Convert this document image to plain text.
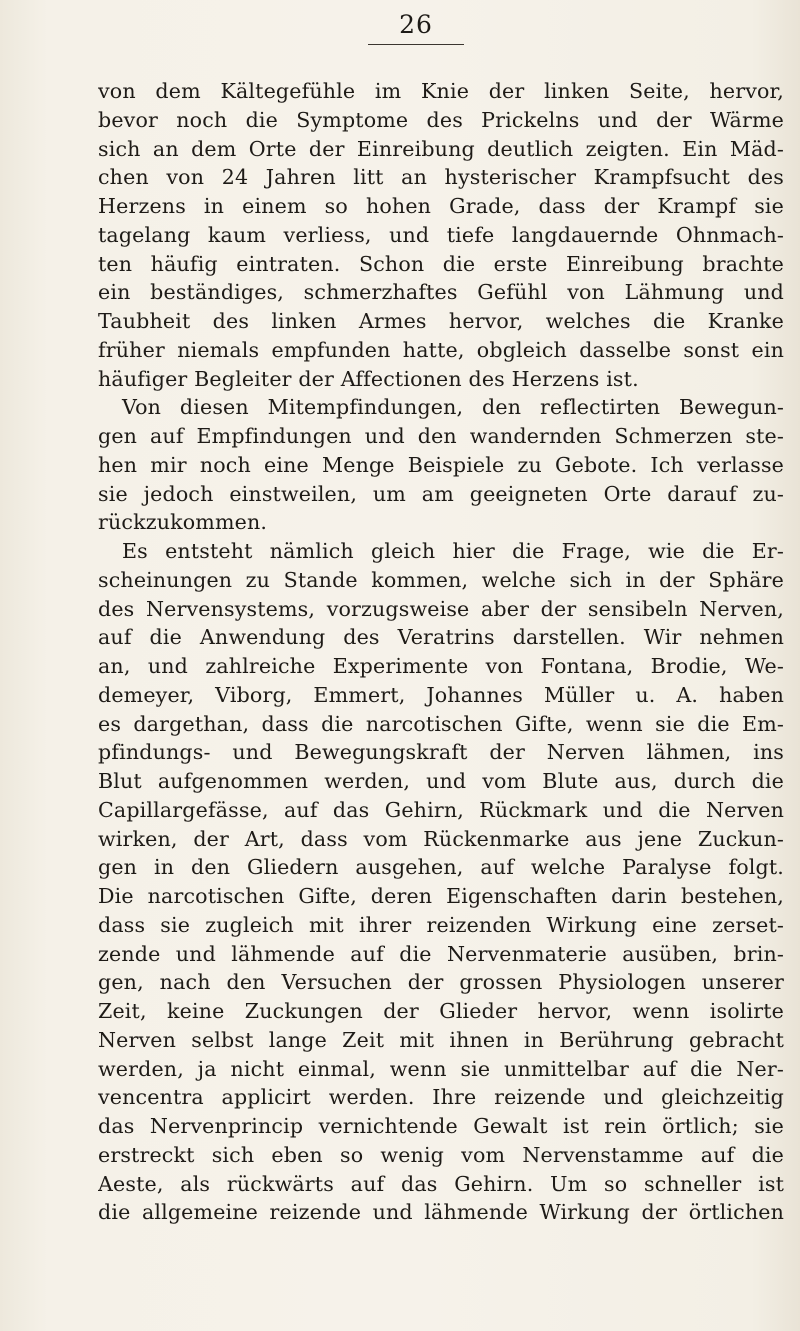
26
von dem Kältegefühle im Knie der linken Seite, hervor,
bevor noch die Symptome des Prickelns und der Wärme
sich an dem Orte der Einreibung deutlich zeigten. Ein Mäd-
chen von 24 Jahren litt an hysterischer Krampfsucht des
Herzens in einem so hohen Grade, dass der Krampf sie
tagelang kaum verliess, und tiefe langdauernde Ohnmach-
ten häufig eintraten. Schon die erste Einreibung brachte
ein beständiges, schmerzhaftes Gefühl von Lähmung und
Taubheit des linken Armes hervor, welches die Kranke
früher niemals empfunden hatte, obgleich dasselbe sonst ein
häufiger Begleiter der Affectionen des Herzens ist.
Von diesen Mitempfindungen, den reflectirten Bewegun-
gen auf Empfindungen und den wandernden Schmerzen ste-
hen mir noch eine Menge Beispiele zu Gebote. Ich verlasse
sie jedoch einstweilen, um am geeigneten Orte darauf zu-
rückzukommen.
Es entsteht nämlich gleich hier die Frage, wie die Er-
scheinungen zu Stande kommen, welche sich in der Sphäre
des Nervensystems, vorzugsweise aber der sensibeln Nerven,
auf die Anwendung des Veratrins darstellen. Wir nehmen
an, und zahlreiche Experimente von Fontana, Brodie, We-
demeyer, Viborg, Emmert, Johannes Müller u. A. haben
es dargethan, dass die narcotischen Gifte, wenn sie die Em-
pfindungs- und Bewegungskraft der Nerven lähmen, ins
Blut aufgenommen werden, und vom Blute aus, durch die
Capillargefässe, auf das Gehirn, Rückmark und die Nerven
wirken, der Art, dass vom Rückenmarke aus jene Zuckun-
gen in den Gliedern ausgehen, auf welche Paralyse folgt.
Die narcotischen Gifte, deren Eigenschaften darin bestehen,
dass sie zugleich mit ihrer reizenden Wirkung eine zerset-
zende und lähmende auf die Nervenmaterie ausüben, brin-
gen, nach den Versuchen der grossen Physiologen unserer
Zeit, keine Zuckungen der Glieder hervor, wenn isolirte
Nerven selbst lange Zeit mit ihnen in Berührung gebracht
werden, ja nicht einmal, wenn sie unmittelbar auf die Ner-
vencentra applicirt werden. Ihre reizende und gleichzeitig
das Nervenprincip vernichtende Gewalt ist rein örtlich; sie
erstreckt sich eben so wenig vom Nervenstamme auf die
Aeste, als rückwärts auf das Gehirn. Um so schneller ist
die allgemeine reizende und lähmende Wirkung der örtlichen
